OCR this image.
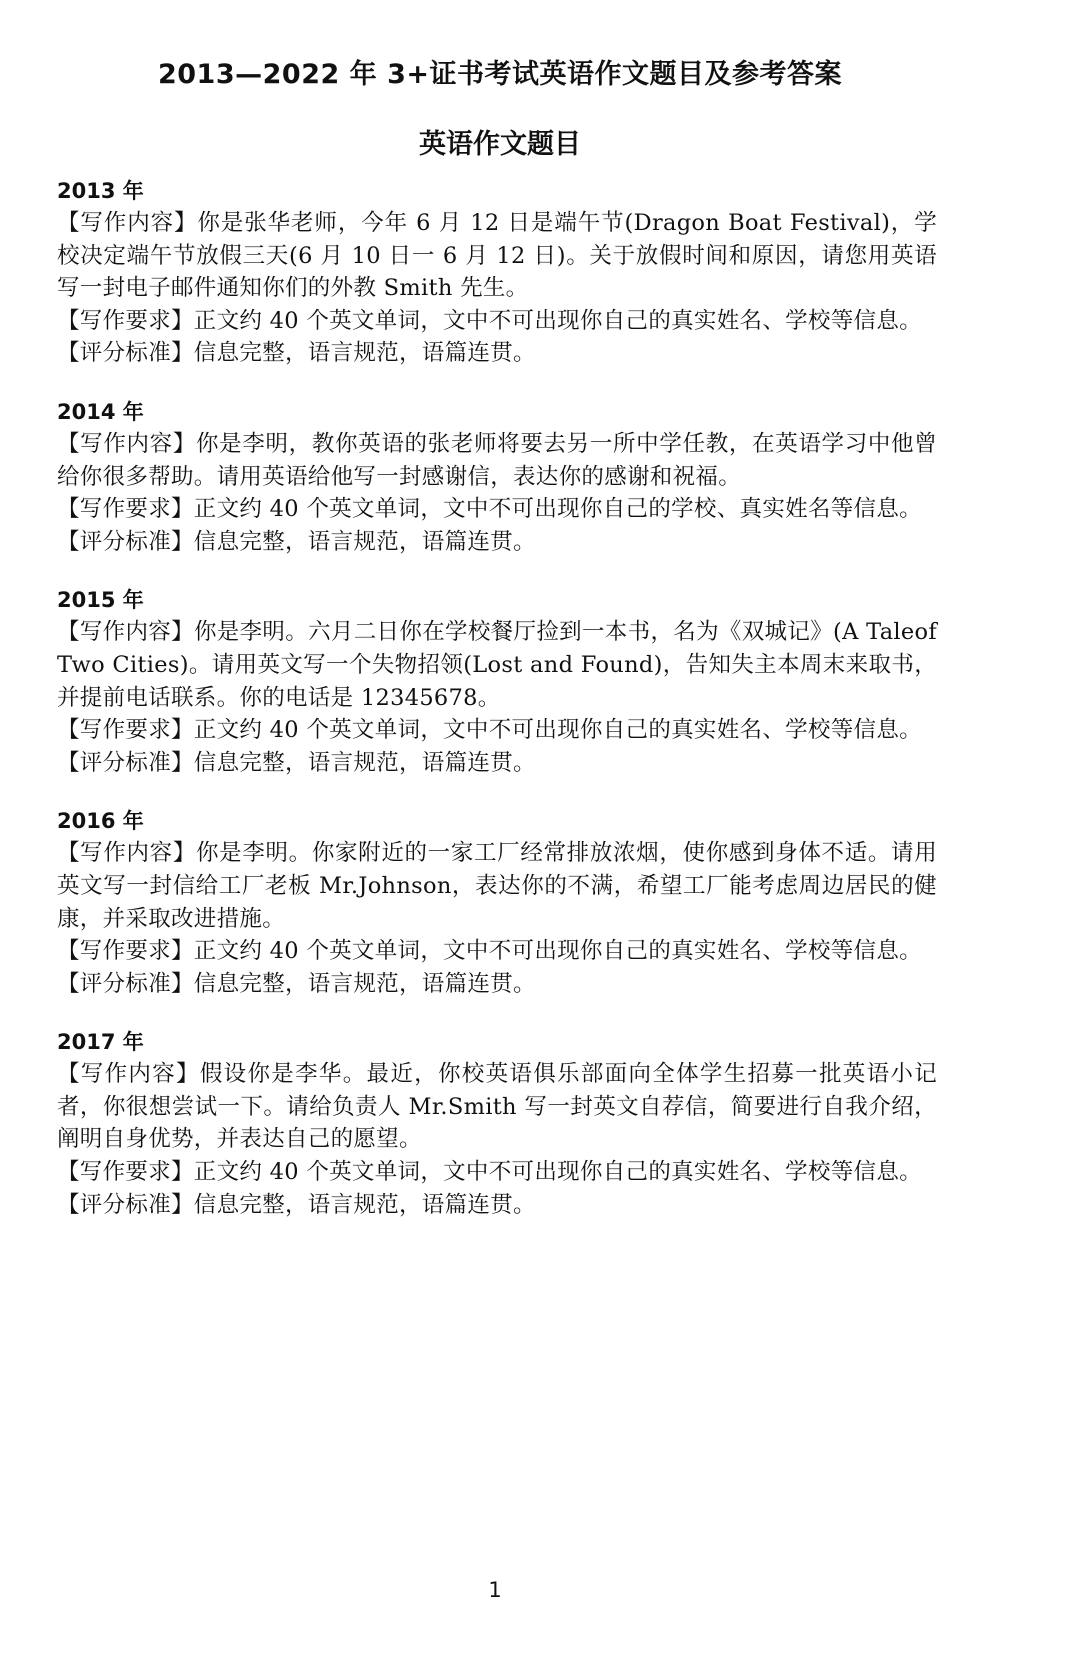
2013—2022 年 3+证书考试英语作文题目及参考答案
英语作文题目

2013 年

【写作内容】你是张华老师，今年 6 月 12 日是端午节(Dragon Boat Festival)，学校决定端午节放假三天(6 月 10 日一 6 月 12 日)。关于放假时间和原因，请您用英语写一封电子邮件通知你们的外教 Smith 先生。

【写作要求】正文约 40 个英文单词，文中不可出现你自己的真实姓名、学校等信息。

【评分标准】信息完整，语言规范，语篇连贯。

2014 年

【写作内容】你是李明，教你英语的张老师将要去另一所中学任教，在英语学习中他曾给你很多帮助。请用英语给他写一封感谢信，表达你的感谢和祝福。

【写作要求】正文约 40 个英文单词，文中不可出现你自己的学校、真实姓名等信息。

【评分标准】信息完整，语言规范，语篇连贯。

2015 年

【写作内容】你是李明。六月二日你在学校餐厅捡到一本书，名为《双城记》(A Taleof Two Cities)。请用英文写一个失物招领(Lost and Found)，告知失主本周末来取书，并提前电话联系。你的电话是 12345678。

【写作要求】正文约 40 个英文单词，文中不可出现你自己的真实姓名、学校等信息。

【评分标准】信息完整，语言规范，语篇连贯。

2016 年

【写作内容】你是李明。你家附近的一家工厂经常排放浓烟，使你感到身体不适。请用英文写一封信给工厂老板 Mr.Johnson，表达你的不满，希望工厂能考虑周边居民的健康，并采取改进措施。

【写作要求】正文约 40 个英文单词，文中不可出现你自己的真实姓名、学校等信息。

【评分标准】信息完整，语言规范，语篇连贯。

2017 年

【写作内容】假设你是李华。最近，你校英语俱乐部面向全体学生招募一批英语小记者，你很想尝试一下。请给负责人 Mr.Smith 写一封英文自荐信，简要进行自我介绍，阐明自身优势，并表达自己的愿望。

【写作要求】正文约 40 个英文单词，文中不可出现你自己的真实姓名、学校等信息。

【评分标准】信息完整，语言规范，语篇连贯。

1
